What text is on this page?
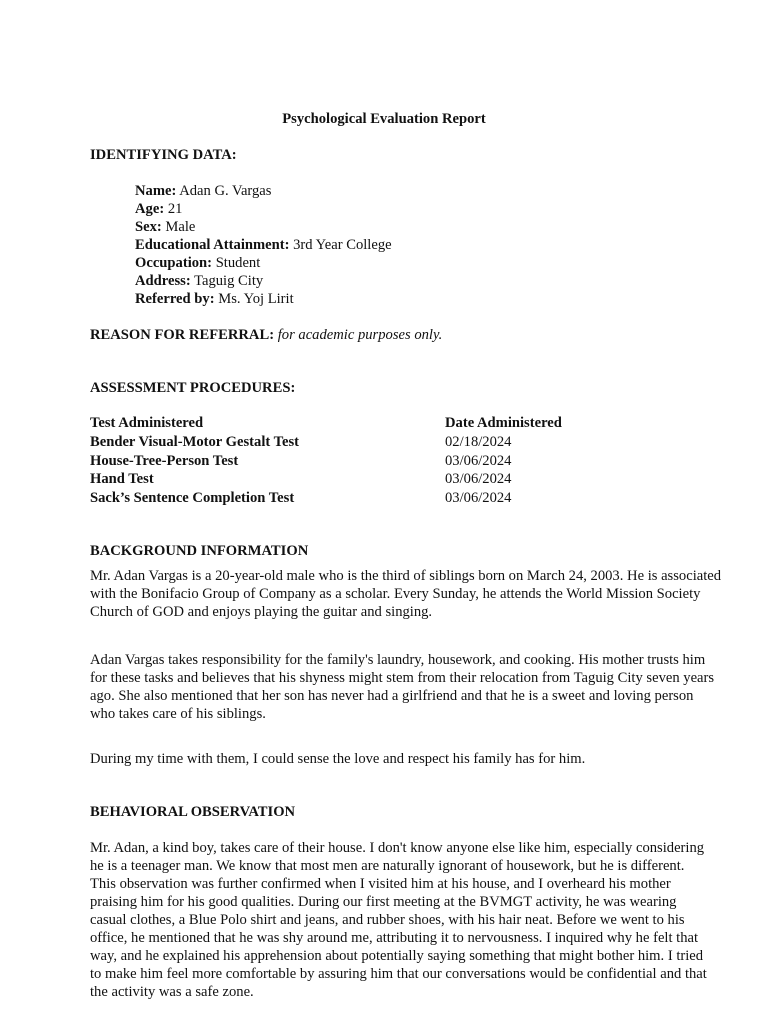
Psychological Evaluation Report
IDENTIFYING DATA:
Name: Adan G. Vargas
Age: 21
Sex: Male
Educational Attainment: 3rd Year College
Occupation: Student
Address: Taguig City
Referred by: Ms. Yoj Lirit
REASON FOR REFERRAL: for academic purposes only.
ASSESSMENT PROCEDURES:
Test Administered	Date Administered
Bender Visual-Motor Gestalt Test	02/18/2024
House-Tree-Person Test	03/06/2024
Hand Test	03/06/2024
Sack’s Sentence Completion Test	03/06/2024
BACKGROUND INFORMATION
Mr. Adan Vargas is a 20-year-old male who is the third of siblings born on March 24, 2003. He is associated
with the Bonifacio Group of Company as a scholar. Every Sunday, he attends the World Mission Society
Church of GOD and enjoys playing the guitar and singing.
Adan Vargas takes responsibility for the family's laundry, housework, and cooking. His mother trusts him
for these tasks and believes that his shyness might stem from their relocation from Taguig City seven years
ago. She also mentioned that her son has never had a girlfriend and that he is a sweet and loving person
who takes care of his siblings.
During my time with them, I could sense the love and respect his family has for him.
BEHAVIORAL OBSERVATION
Mr. Adan, a kind boy, takes care of their house. I don't know anyone else like him, especially considering
he is a teenager man. We know that most men are naturally ignorant of housework, but he is different.
This observation was further confirmed when I visited him at his house, and I overheard his mother
praising him for his good qualities. During our first meeting at the BVMGT activity, he was wearing
casual clothes, a Blue Polo shirt and jeans, and rubber shoes, with his hair neat. Before we went to his
office, he mentioned that he was shy around me, attributing it to nervousness. I inquired why he felt that
way, and he explained his apprehension about potentially saying something that might bother him. I tried
to make him feel more comfortable by assuring him that our conversations would be confidential and that
the activity was a safe zone.
